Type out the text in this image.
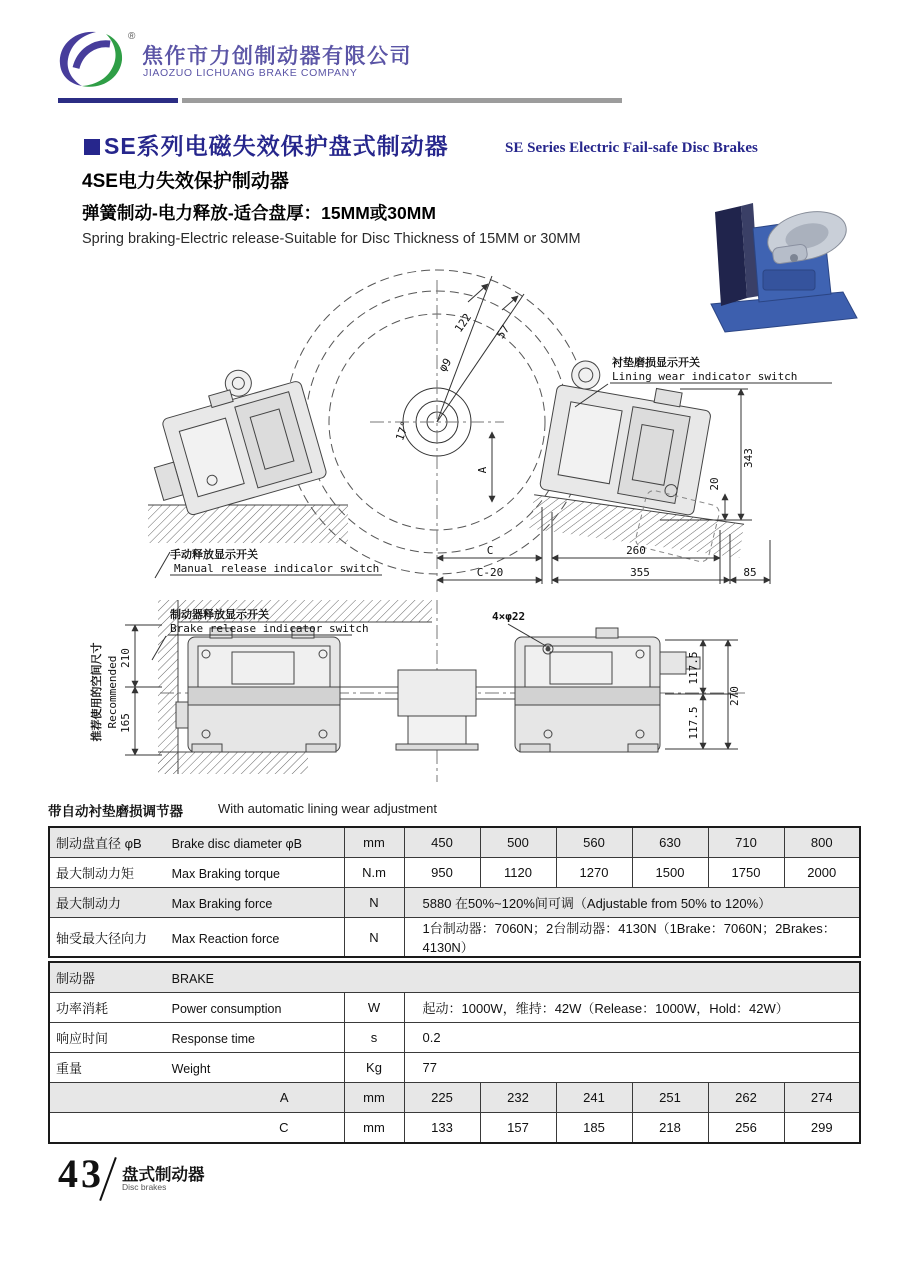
®
焦作市力创制动器有限公司
JIAOZUO LICHUANG BRAKE COMPANY
SE系列电磁失效保护盘式制动器	SE Series Electric Fail-safe Disc Brakes
4SE电力失效保护制动器
弹簧制动-电力释放-适合盘厚：15MM或30MM
Spring braking-Electric release-Suitable for Disc Thickness of 15MM or 30MM
122 57
φ9
17°
A
343
20
C	260
C-20	355	85
衬垫磨损显示开关
Lining wear indicator switch
手动释放显示开关
Manual release indicalor switch
制动器释放显示开关
Brake release indicator switch
4×φ22
210
165
推荐使用的空间尺寸 Recommended	117.5
117.5
270
带自动衬垫磨损调节器	With automatic lining wear adjustment
制动盘直径 φB Brake disc diameter φB	mm	450	500	560	630	710	800
最大制动力矩 Max Braking torque	N.m	950	1120	1270	1500	1750	2000
最大制动力 Max Braking force	N	5880 在50%~120%间可调（Adjustable from 50% to 120%）					
轴受最大径向力 Max Reaction force	N	1台制动器：7060N；2台制动器：4130N（1Brake：7060N；2Brakes：4130N）					
制动器 BRAKE							
功率消耗 Power consumption	W	起动：1000W，维持：42W（Release：1000W，Hold：42W）					
响应时间 Response time	s	0.2					
重量 Weight	Kg	77					
A	mm	225	232	241	251	262	274
C	mm	133	157	185	218	256	299
43 盘式制动器
Disc brakes
